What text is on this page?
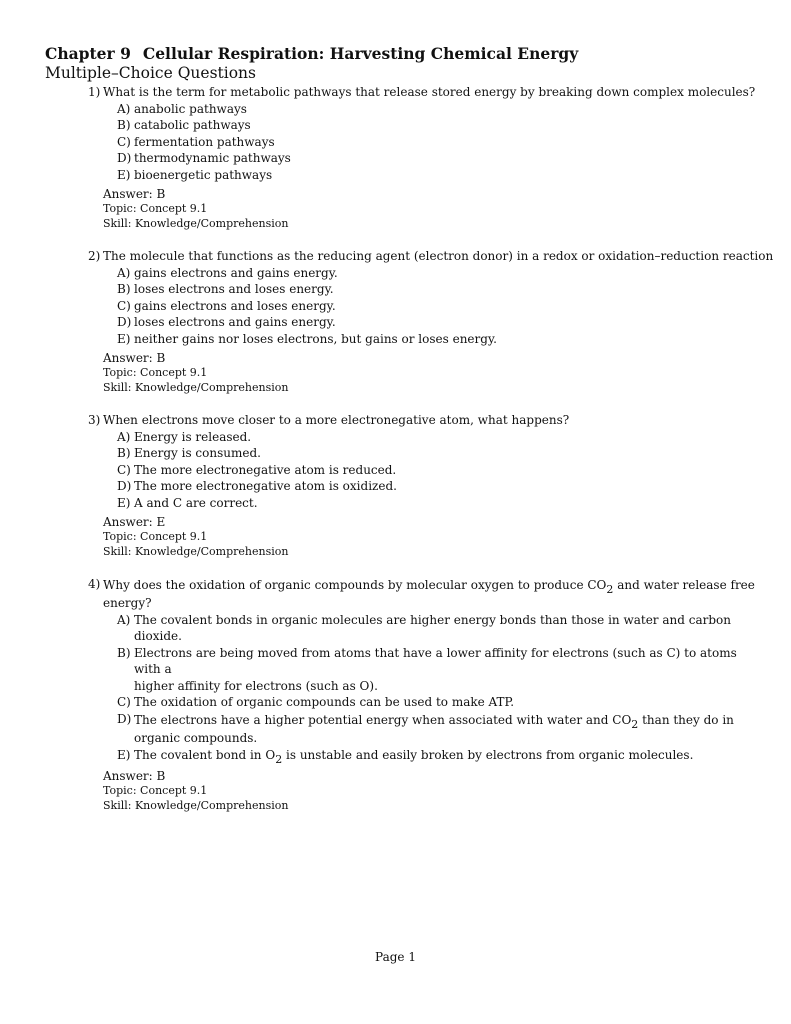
Chapter 9 Cellular Respiration: Harvesting Chemical Energy
Multiple–Choice Questions
1) What is the term for metabolic pathways that release stored energy by breaking down complex molecules?
A) anabolic pathways
B) catabolic pathways
C) fermentation pathways
D) thermodynamic pathways
E) bioenergetic pathways
Answer: B
Topic: Concept 9.1
Skill: Knowledge/Comprehension
2) The molecule that functions as the reducing agent (electron donor) in a redox or oxidation–reduction reaction
A) gains electrons and gains energy.
B) loses electrons and loses energy.
C) gains electrons and loses energy.
D) loses electrons and gains energy.
E) neither gains nor loses electrons, but gains or loses energy.
Answer: B
Topic: Concept 9.1
Skill: Knowledge/Comprehension
3) When electrons move closer to a more electronegative atom, what happens?
A) Energy is released.
B) Energy is consumed.
C) The more electronegative atom is reduced.
D) The more electronegative atom is oxidized.
E) A and C are correct.
Answer: E
Topic: Concept 9.1
Skill: Knowledge/Comprehension
4) Why does the oxidation of organic compounds by molecular oxygen to produce $CO_2$ and water release free
energy?
A) The covalent bonds in organic molecules are higher energy bonds than those in water and carbon dioxide.
B) Electrons are being moved from atoms that have a lower affinity for electrons (such as C) to atoms with a
higher affinity for electrons (such as O).
C) The oxidation of organic compounds can be used to make ATP.
D) The electrons have a higher potential energy when associated with water and $CO_2$ than they do in
organic compounds.
E) The covalent bond in $O_2$ is unstable and easily broken by electrons from organic molecules.
Answer: B
Topic: Concept 9.1
Skill: Knowledge/Comprehension
Page 1
